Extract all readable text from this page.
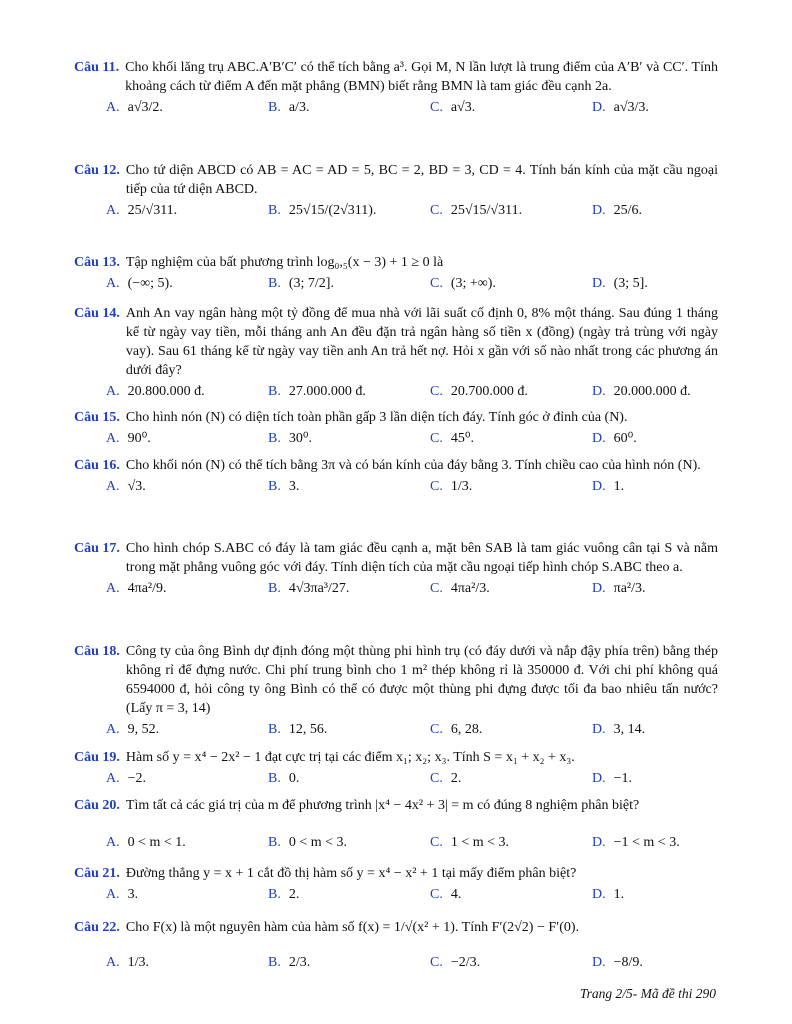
Câu 11. Cho khối lăng trụ ABC.A′B′C′ có thể tích bằng a³. Gọi M, N lần lượt là trung điểm của A′B′ và CC′. Tính khoảng cách từ điểm A đến mặt phẳng (BMN) biết rằng BMN là tam giác đều cạnh 2a.
A. a√3/2.	B. a/3.	C. a√3.	D. a√3/3.
Câu 12. Cho tứ diện ABCD có AB = AC = AD = 5, BC = 2, BD = 3, CD = 4. Tính bán kính của mặt cầu ngoại tiếp của tứ diện ABCD.
A. 25/√311.	B. 25√15/(2√311).	C. 25√15/√311.	D. 25/6.
Câu 13. Tập nghiệm của bất phương trình log₀,₅(x − 3) + 1 ≥ 0 là
A. (−∞; 5).	B. (3; 7/2].	C. (3; +∞).	D. (3; 5].
Câu 14. Anh An vay ngân hàng một tỷ đồng để mua nhà với lãi suất cố định 0, 8% một tháng. Sau đúng 1 tháng kể từ ngày vay tiền, mỗi tháng anh An đều đặn trả ngân hàng số tiền x (đồng) (ngày trả trùng với ngày vay). Sau 61 tháng kể từ ngày vay tiền anh An trả hết nợ. Hỏi x gần với số nào nhất trong các phương án dưới đây?
A. 20.800.000 đ.	B. 27.000.000 đ.	C. 20.700.000 đ.	D. 20.000.000 đ.
Câu 15. Cho hình nón (N) có diện tích toàn phần gấp 3 lần diện tích đáy. Tính góc ở đỉnh của (N).
A. 90⁰.	B. 30⁰.	C. 45⁰.	D. 60⁰.
Câu 16. Cho khối nón (N) có thể tích bằng 3π và có bán kính của đáy bằng 3. Tính chiều cao của hình nón (N).
A. √3.	B. 3.	C. 1/3.	D. 1.
Câu 17. Cho hình chóp S.ABC có đáy là tam giác đều cạnh a, mặt bên SAB là tam giác vuông cân tại S và nằm trong mặt phẳng vuông góc với đáy. Tính diện tích của mặt cầu ngoại tiếp hình chóp S.ABC theo a.
A. 4πa²/9.	B. 4√3πa³/27.	C. 4πa²/3.	D. πa²/3.
Câu 18. Công ty của ông Bình dự định đóng một thùng phi hình trụ (có đáy dưới và nắp đậy phía trên) bằng thép không rỉ để đựng nước. Chi phí trung bình cho 1 m² thép không rỉ là 350000 đ. Với chi phí không quá 6594000 đ, hỏi công ty ông Bình có thể có được một thùng phi đựng được tối đa bao nhiêu tấn nước? (Lấy π = 3, 14)
A. 9, 52.	B. 12, 56.	C. 6, 28.	D. 3, 14.
Câu 19. Hàm số y = x⁴ − 2x² − 1 đạt cực trị tại các điểm x₁; x₂; x₃. Tính S = x₁ + x₂ + x₃.
A. −2.	B. 0.	C. 2.	D. −1.
Câu 20. Tìm tất cả các giá trị của m để phương trình |x⁴ − 4x² + 3| = m có đúng 8 nghiệm phân biệt?
A. 0 < m < 1.	B. 0 < m < 3.	C. 1 < m < 3.	D. −1 < m < 3.
Câu 21. Đường thẳng y = x + 1 cắt đồ thị hàm số y = x⁴ − x² + 1 tại mấy điểm phân biệt?
A. 3.	B. 2.	C. 4.	D. 1.
Câu 22. Cho F(x) là một nguyên hàm của hàm số f(x) = 1/√(x² + 1). Tính F′(2√2) − F′(0).
A. 1/3.	B. 2/3.	C. −2/3.	D. −8/9.
Trang 2/5- Mã đề thi 290
